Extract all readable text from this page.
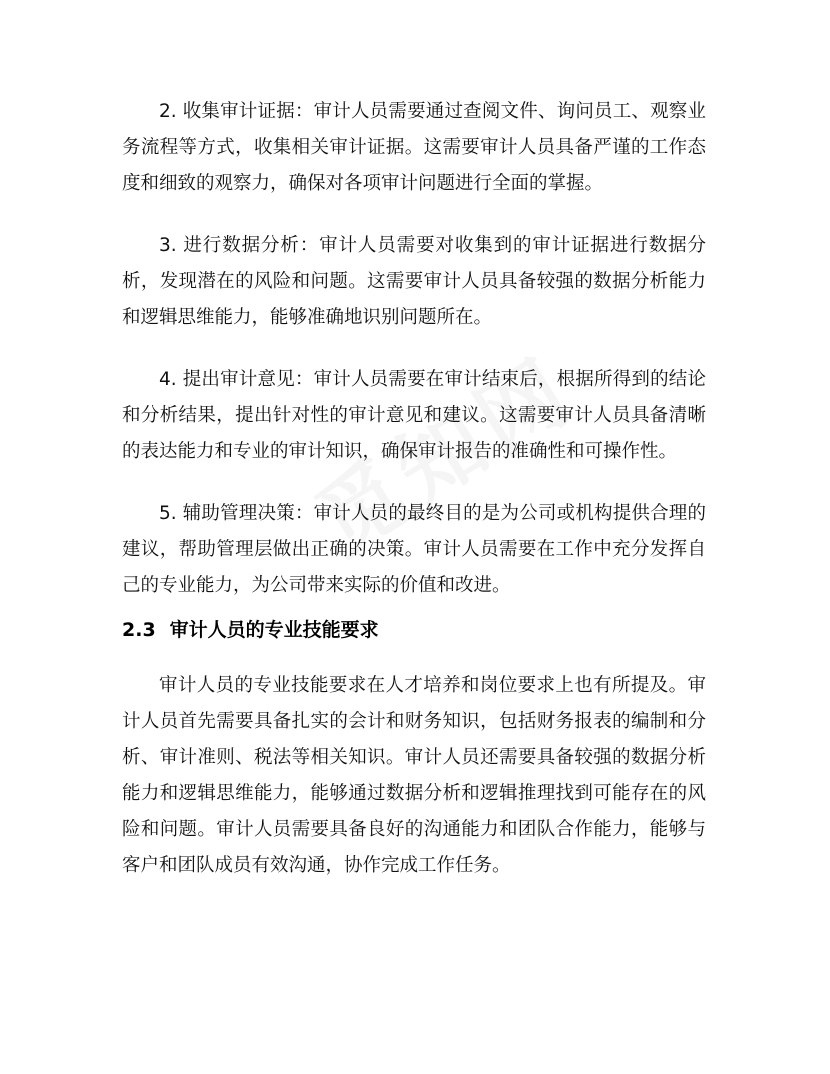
2. 收集审计证据：审计人员需要通过查阅文件、询问员工、观察业务流程等方式，收集相关审计证据。这需要审计人员具备严谨的工作态度和细致的观察力，确保对各项审计问题进行全面的掌握。

3. 进行数据分析：审计人员需要对收集到的审计证据进行数据分析，发现潜在的风险和问题。这需要审计人员具备较强的数据分析能力和逻辑思维能力，能够准确地识别问题所在。

4. 提出审计意见：审计人员需要在审计结束后，根据所得到的结论和分析结果，提出针对性的审计意见和建议。这需要审计人员具备清晰的表达能力和专业的审计知识，确保审计报告的准确性和可操作性。

5. 辅助管理决策：审计人员的最终目的是为公司或机构提供合理的建议，帮助管理层做出正确的决策。审计人员需要在工作中充分发挥自己的专业能力，为公司带来实际的价值和改进。

2.3 审计人员的专业技能要求

审计人员的专业技能要求在人才培养和岗位要求上也有所提及。审计人员首先需要具备扎实的会计和财务知识，包括财务报表的编制和分析、审计准则、税法等相关知识。审计人员还需要具备较强的数据分析能力和逻辑思维能力，能够通过数据分析和逻辑推理找到可能存在的风险和问题。审计人员需要具备良好的沟通能力和团队合作能力，能够与客户和团队成员有效沟通，协作完成工作任务。
